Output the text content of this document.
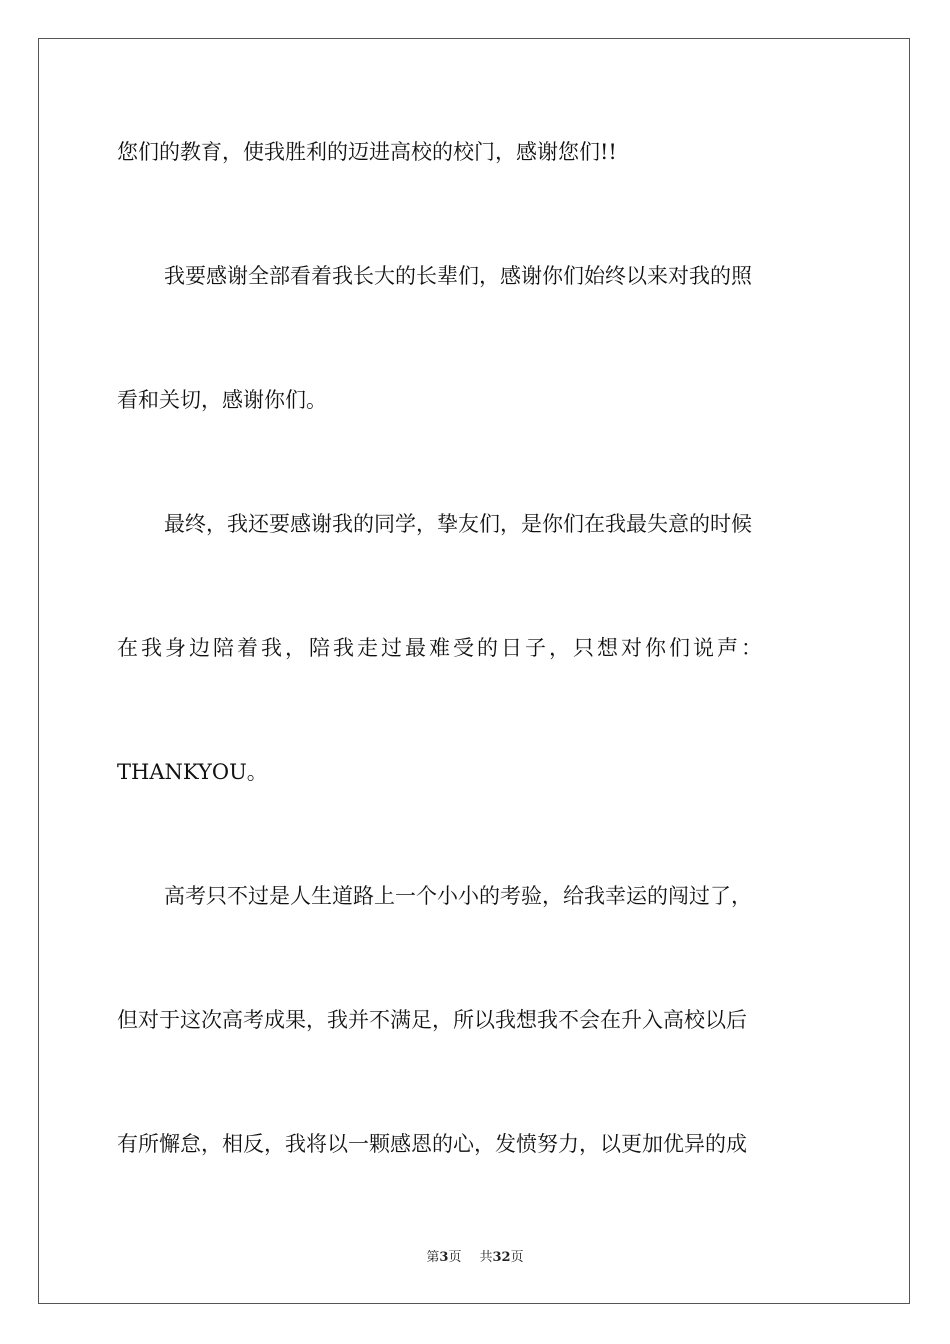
您们的教育，使我胜利的迈进高校的校门，感谢您们!!
我要感谢全部看着我长大的长辈们，感谢你们始终以来对我的照
看和关切，感谢你们。
最终，我还要感谢我的同学，挚友们，是你们在我最失意的时候
在我身边陪着我，陪我走过最难受的日子，只想对你们说声：
THANKYOU。
高考只不过是人生道路上一个小小的考验，给我幸运的闯过了，
但对于这次高考成果，我并不满足，所以我想我不会在升入高校以后
有所懈怠，相反，我将以一颗感恩的心，发愤努力，以更加优异的成
第3页 共32页
